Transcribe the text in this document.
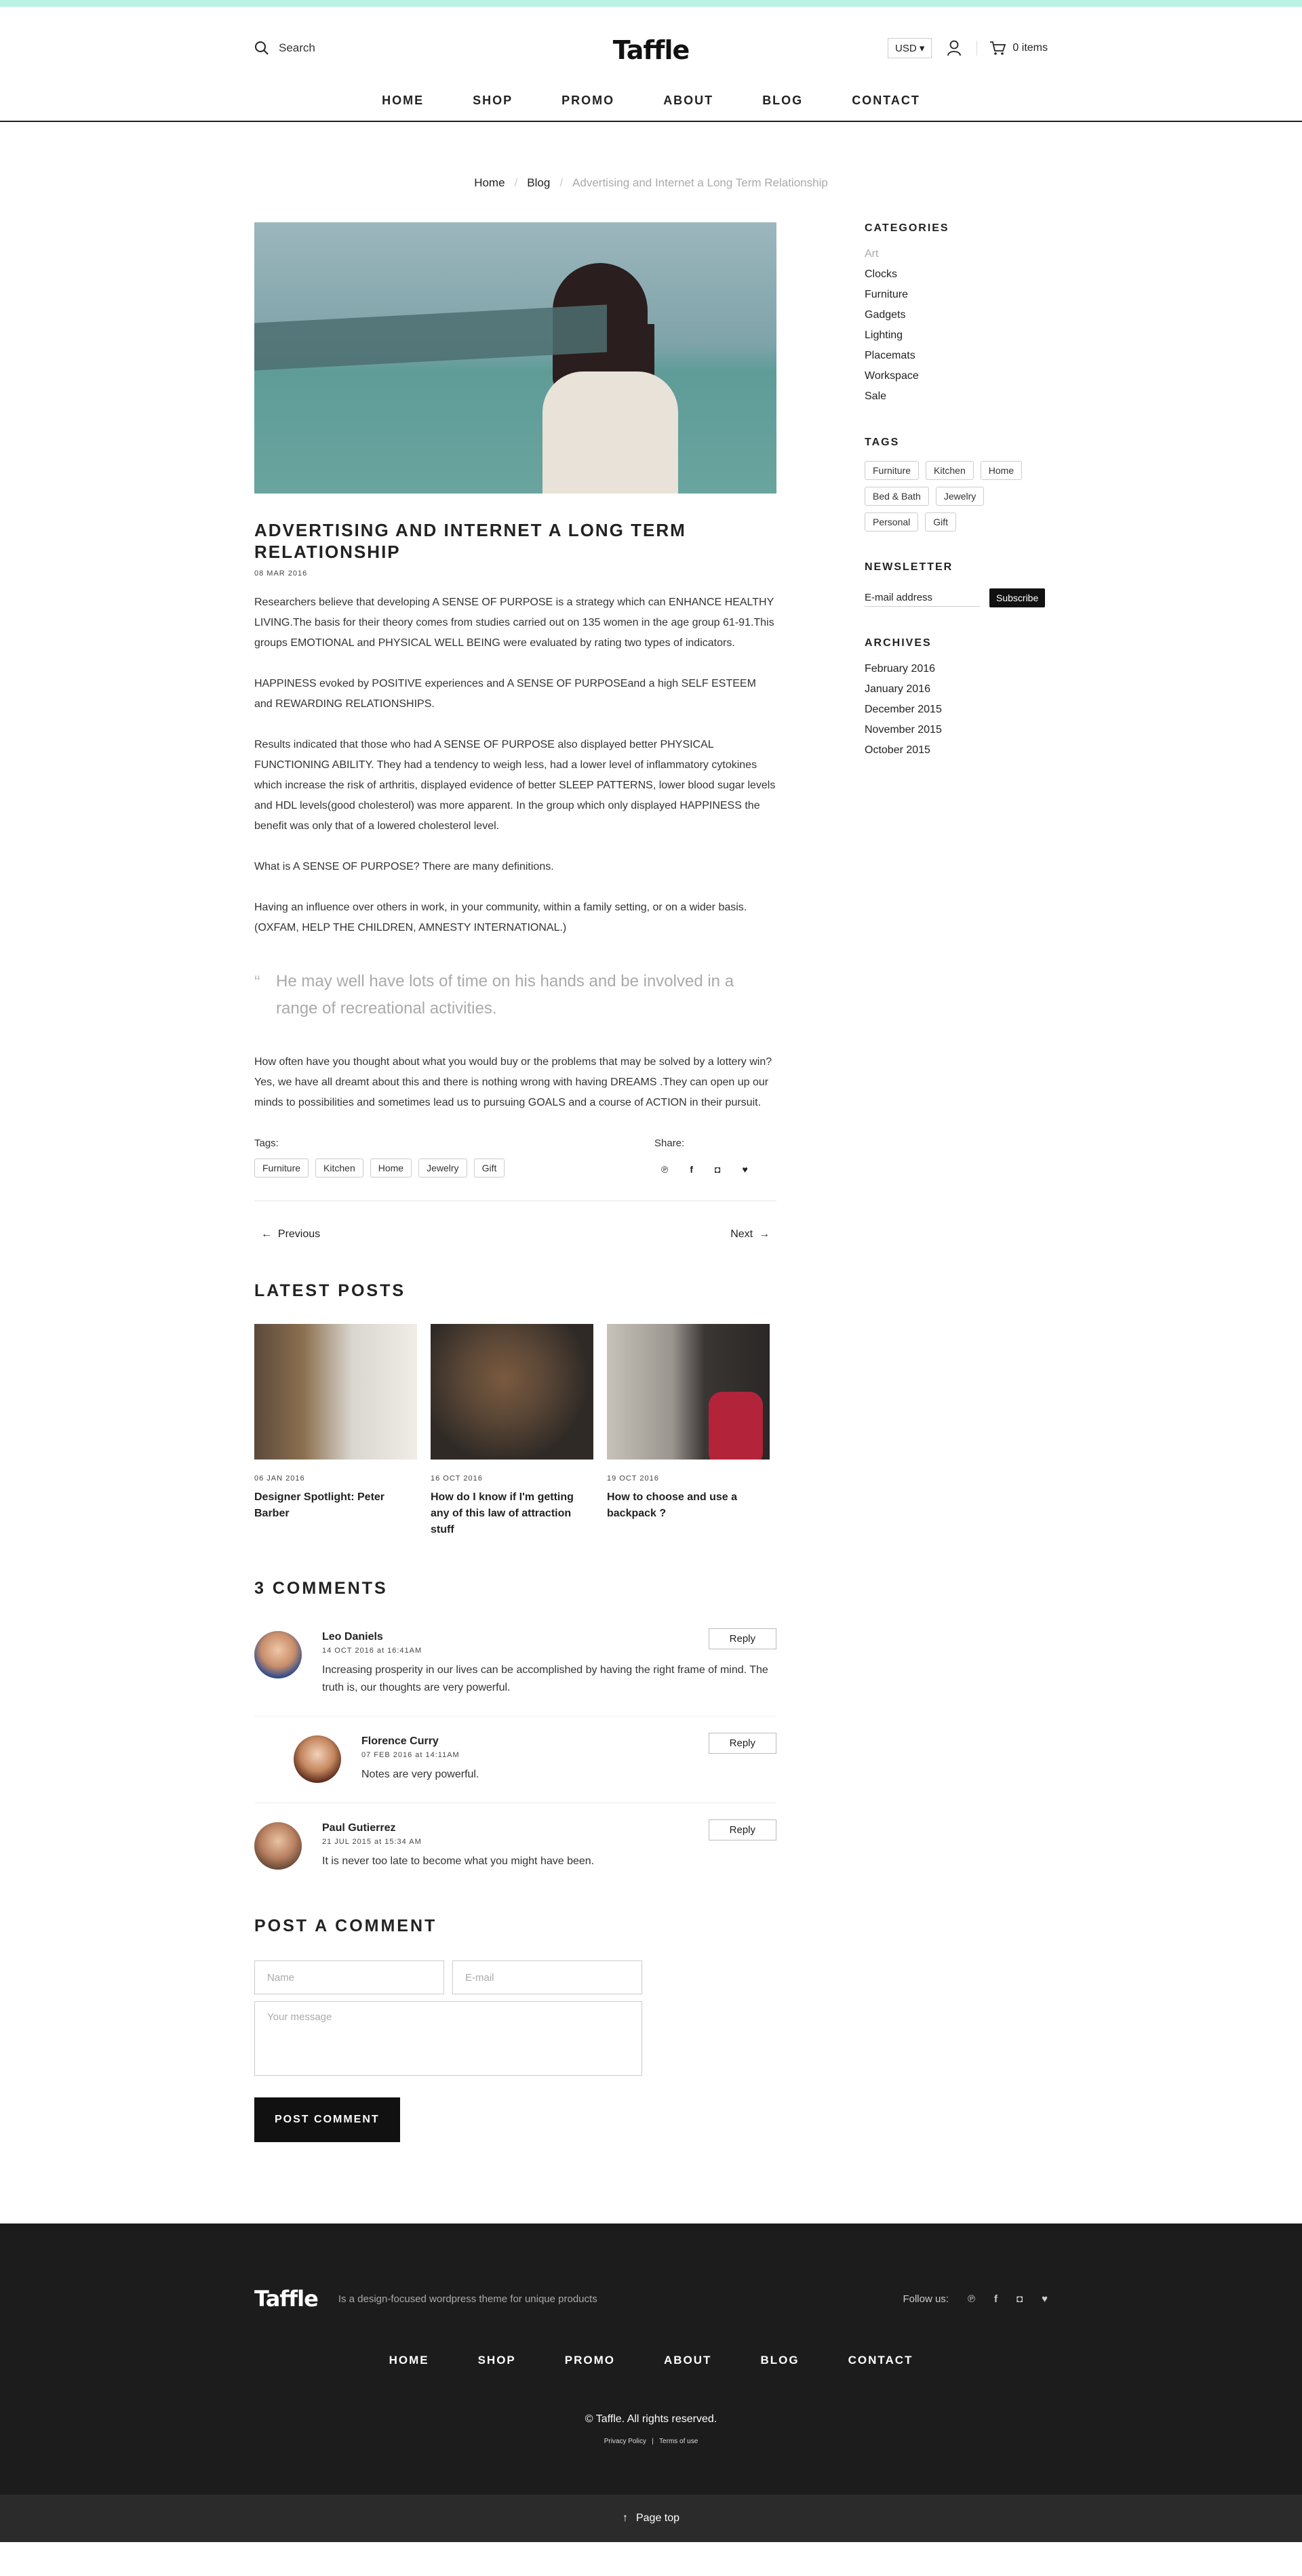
Search	Taffle	USD ▾	0 items
HOME	SHOP	PROMO	ABOUT	BLOG	CONTACT
Home / Blog / Advertising and Internet a Long Term Relationship
ADVERTISING AND INTERNET A LONG TERM RELATIONSHIP
08 MAR 2016

Researchers believe that developing A SENSE OF PURPOSE is a strategy which can ENHANCE HEALTHY LIVING.The basis for their theory comes from studies carried out on 135 women in the age group 61-91.This groups EMOTIONAL and PHYSICAL WELL BEING were evaluated by rating two types of indicators.

HAPPINESS evoked by POSITIVE experiences and A SENSE OF PURPOSEand a high SELF ESTEEM and REWARDING RELATIONSHIPS.

Results indicated that those who had A SENSE OF PURPOSE also displayed better PHYSICAL FUNCTIONING ABILITY. They had a tendency to weigh less, had a lower level of inflammatory cytokines which increase the risk of arthritis, displayed evidence of better SLEEP PATTERNS, lower blood sugar levels and HDL levels(good cholesterol) was more apparent. In the group which only displayed HAPPINESS the benefit was only that of a lowered cholesterol level.

What is A SENSE OF PURPOSE? There are many definitions.

Having an influence over others in work, in your community, within a family setting, or on a wider basis.(OXFAM, HELP THE CHILDREN, AMNESTY INTERNATIONAL.)

“ He may well have lots of time on his hands and be involved in a range of recreational activities.

How often have you thought about what you would buy or the problems that may be solved by a lottery win? Yes, we have all dreamt about this and there is nothing wrong with having DREAMS .They can open up our minds to possibilities and sometimes lead us to pursuing GOALS and a course of ACTION in their pursuit.

Tags:
Furniture	Kitchen	Home	Jewelry	Gift
Share:
℗ f ◘ ♥
← Previous	Next →
LATEST POSTS
06 JAN 2016
Designer Spotlight: Peter Barber
16 OCT 2016
How do I know if I'm getting any of this law of attraction stuff
19 OCT 2016
How to choose and use a backpack ?
3 COMMENTS
Leo Daniels
14 OCT 2016 at 16:41AM
Increasing prosperity in our lives can be accomplished by having the right frame of mind. The truth is, our thoughts are very powerful.
Reply
Florence Curry
07 FEB 2016 at 14:11AM
Notes are very powerful.
Reply
Paul Gutierrez
21 JUL 2015 at 15:34 AM
It is never too late to become what you might have been.
Reply
POST A COMMENT
Name	E-mail
Your message
POST COMMENT
CATEGORIES
Art
Clocks
Furniture
Gadgets
Lighting
Placemats
Workspace
Sale
TAGS
Furniture	Kitchen	Home
Bed & Bath	Jewelry
Personal	Gift
NEWSLETTER
E-mail address	Subscribe
ARCHIVES
February 2016
January 2016
December 2015
November 2015
October 2015
Taffle Is a design-focused wordpress theme for unique products	Follow us: ℗ f ◘ ♥
HOME	SHOP	PROMO	ABOUT	BLOG	CONTACT
© Taffle. All rights reserved.
Privacy Policy   |   Terms of use
↑ Page top
